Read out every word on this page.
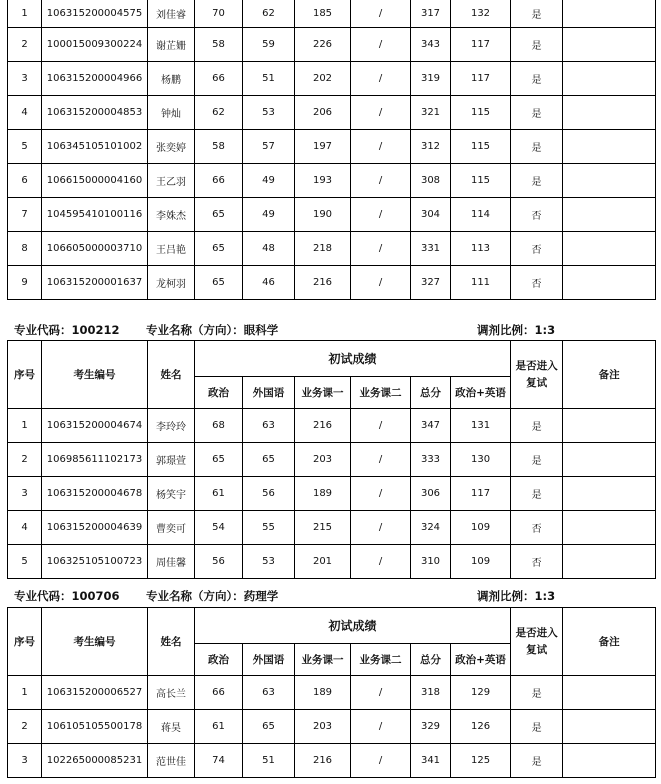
1	106315200004575	刘佳睿	70	62	185	/	317	132	是	
2	100015009300224	谢芷姗	58	59	226	/	343	117	是	
3	106315200004966	杨鹏	66	51	202	/	319	117	是	
4	106315200004853	钟灿	62	53	206	/	321	115	是	
5	106345105101002	张奕婷	58	57	197	/	312	115	是	
6	106615000004160	王乙羽	66	49	193	/	308	115	是	
7	104595410100116	李姝杰	65	49	190	/	304	114	否	
8	106605000003710	王吕艳	65	48	218	/	331	113	否	
9	106315200001637	龙柯羽	65	46	216	/	327	111	否	
专业代码：100212 专业名称（方向）：眼科学	调剂比例：1:3
序号	考生编号	姓名	初试成绩						是否进入复试	备注
			政治	外国语	业务课一	业务课二	总分	政治+英语		
1	106315200004674	李玲玲	68	63	216	/	347	131	是	
2	106985611102173	郭璟萱	65	65	203	/	333	130	是	
3	106315200004678	杨笑宇	61	56	189	/	306	117	是	
4	106315200004639	曹奕可	54	55	215	/	324	109	否	
5	106325105100723	周佳馨	56	53	201	/	310	109	否	
专业代码：100706 专业名称（方向）：药理学	调剂比例：1:3
序号	考生编号	姓名	初试成绩						是否进入复试	备注
			政治	外国语	业务课一	业务课二	总分	政治+英语		
1	106315200006527	高长兰	66	63	189	/	318	129	是	
2	106105105500178	蒋昊	61	65	203	/	329	126	是	
3	102265000085231	范世佳	74	51	216	/	341	125	是	
